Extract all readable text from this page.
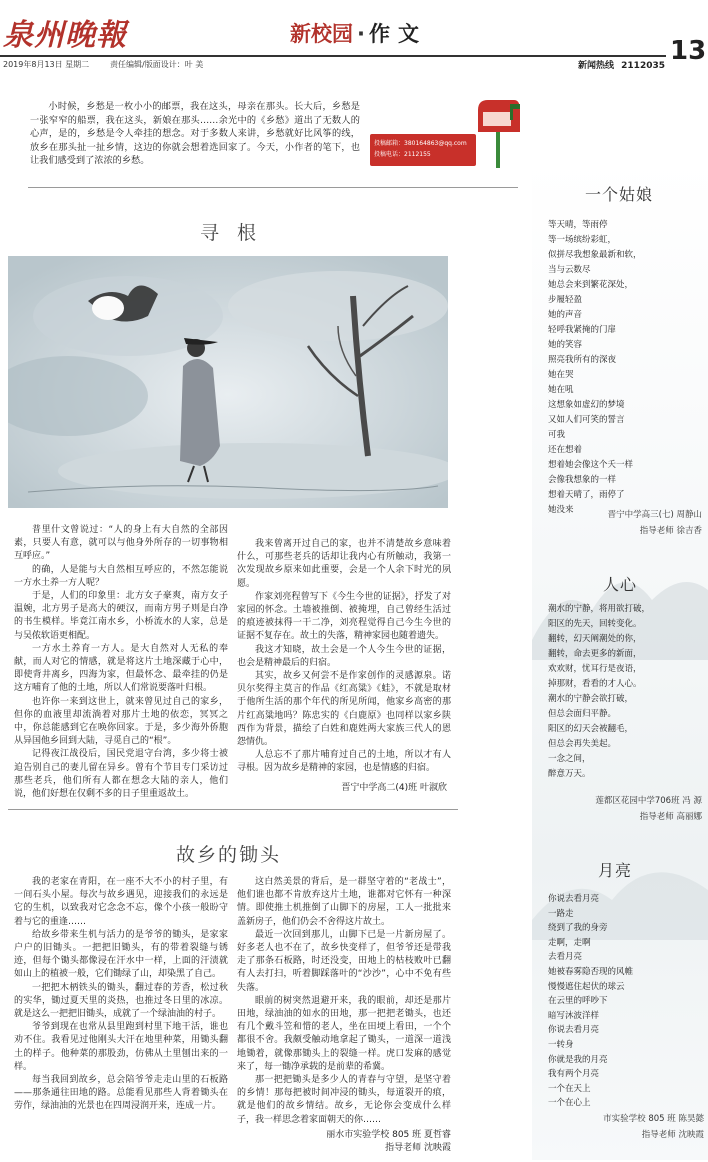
泉州晚報	新校园 · 作文
13
2019年8月13日 星期二	责任编辑/版面设计：叶 美	新闻热线 2112035

小时候，乡愁是一枚小小的邮票，我在这头，母亲在那头。长大后，乡愁是一张窄窄的船票，我在这头，新娘在那头……余光中的《乡愁》道出了无数人的心声，是的，乡愁是令人牵挂的想念。对于多数人来讲，乡愁就好比风筝的线，放乡在那头扯一扯乡情，这边的你就会想着选回家了。今天，小作者的笔下，也让我们感受到了浓浓的乡愁。

投稿邮箱：380164863@qq.com
投稿电话：2112155
寻 根

普里什文曾说过：“人的身上有大自然的全部因素，只要人有意，就可以与他身外所存的一切事物相互呼应。”

的确，人是能与大自然相互呼应的，不然怎能说一方水土养一方人呢？

于是，人们的印象里：北方女子豪爽，南方女子温婉，北方男子是高大的硬汉，而南方男子则是白净的书生模样。毕竟江南水乡，小桥流水的人家，总是与吴侬软语更相配。

一方水土养育一方人。是大自然对人无私的奉献，而人对它的情感，就是将这片土地深藏于心中，即使背井离乡，四海为家，但最怀念、最牵挂的仍是这方哺育了他的土地，所以人们常说要落叶归根。

也许你一来到这世上，就来曾见过自己的家乡，但你的血液里却流淌着对那片土地的依恋，冥冥之中，你总能感到它在唤你回家。于是，多少海外侨胞从异国他乡回到大陆，寻觅自己的“根”。

记得夜江战役后，国民党退守台湾，多少将士被迫告别自己的妻儿留在异乡。曾有个节目专门采访过那些老兵，他们所有人都在想念大陆的亲人，他们说，他们好想在仅剩不多的日子里重返故土。

我来曾离开过自己的家，也并不清楚故乡意味着什么，可那些老兵的话却让我内心有所触动，我第一次发现故乡原来如此重要，会是一个人余下时光的夙愿。

作家刘亮程曾写下《今生今世的证据》，抒发了对家园的怀念。土墙被推倒、被掩埋，自己曾经生活过的痕迹被抹得一干二净，刘亮程觉得自己今生今世的证据不复存在。故土的失落，精神家园也随着遗失。

我这才知晓，故土会是一个人今生今世的证据，也会是精神最后的归宿。

其实，故乡又何尝不是作家创作的灵感源泉。诺贝尔奖得主莫言的作品《红高粱》《蛙》，不就是取材于他所生活的那个年代的所见所闻，他家乡高密的那片红高粱地吗？陈忠实的《白鹿原》也同样以家乡陕西作为背景，描绘了白姓和鹿姓两大家族三代人的恩怨情仇。

人总忘不了那片哺育过自己的土地，所以才有人寻根。因为故乡是精神的家园，也是情感的归宿。

晋宁中学高二(4)班 叶淑欣
故乡的锄头

我的老家在青阳，在一座不大不小的村子里，有一间石头小屋。每次与故乡遇见，迎接我们的永远是它的生机，以致我对它念念不忘，像个小孩一般盼守着与它的重逢……

给故乡带来生机与活力的是爷爷的锄头，是家家户户的旧锄头。一把把旧锄头，有的带着裂缝与锈迹，但每个锄头都像浸在汗水中一样，上面的汗渍就如山上的植被一般，它们锄绿了山，却染黑了自己。

一把把木柄铁头的锄头，翻过春的芳香，松过秋的实华，锄过夏天里的炎热，也推过冬日里的冰凉。就是这么一把把旧锄头，成就了一个绿油油的村子。

爷爷到现在也常从县里跑到村里下地干活，谁也劝不住。我看见过他刚头大汗在地里种菜，用锄头翻土的样子。他种菜的那股劲，仿佛从土里刨出来的一样。

每当我回到故乡，总会陪爷爷走走山里的石板路——那条通往田地的路。总能看见那些人背着锄头在劳作，绿油油的光景也在四周浸润开来，连成一片。

这白然美景的背后，是一群坚守着的“老战士”，他们谁也都不肯放弃这片土地，谁都对它怀有一种深情。即使推土机推倒了山脚下的房屋，工人一批批来盖新房子，他们仍会不舍得这片故土。

最近一次回到那儿，山脚下已是一片新房屋了。好多老人也不在了，故乡快变样了，但爷爷还是带我走了那条石板路，时还没变，田地上的枯枝败叶已翻有人去打扫，听着脚踩落叶的“沙沙”，心中不免有些失落。

眼前的树突然退避开来，我的眼前，却还是那片田地，绿油油的如水的田地，那一把把老锄头，也还有几个戴斗笠和惜的老人，坐在田埂上看田，一个个都很不舍。我颇受触动地拿起了锄头，一道深一道浅地锄着，就像那锄头上的裂缝一样。虎口发麻的感觉来了，每一锄净承载的是前辈的希冀。

那一把把锄头是多少人的青春与守望，是坚守着的乡情！那每把被时间冲浸的锄头，每道裂开的痕，就是他们的故乡情结。故乡，无论你会变成什么样子，我一样思念着家面朝天的你……

丽水市实验学校 805 班 夏哲睿
指导老师 沈映霞
一个姑娘
等天晴，等雨停
等一场缤纷彩虹，
似拼尽我想象最新和软，
当与云数尽
她总会来到繁花深处，
步履轻盈
她的声音
轻呼我紧掩的门扉
她的笑容
照亮我所有的深夜
她在哭
她在吼
这想象如虚幻的梦境
又如人们可笑的誓言
可我
还在想着
想着她会像这个夭一样
会像我想象的一样
想着天晴了，雨停了
她没来	晋宁中学高三(七) 周静山
指导老师 徐吉香
人心
潮水的宁静，将用欲打破，
阳区的先天，回转变化。
翻转，幻天阐潮处的你，
翻转，命去更多的新面，
欢欢财，忧耳行是夜语，
掉那财，看看的才人心。
潮水的宁静会欲打破，
但总会面归平静。
阳区的幻天会被翻毛，
但总会再失美起。
一念之间，
醉意万天。
莲都区花园中学706班 冯 源
指导老师 高丽娜
月亮
你说去看月亮
一路走
绕到了我的身旁
走啊，走啊
去看月亮
她被春雾隐否现的风帷
慢慢遮住起伏的球云
在云里的呼吵下
暗写沐波洋样
你说去看月亮
一转身
你就是我的月亮
我有两个月亮
一个在天上
一个在心上
市实验学校 805 班 陈昊懿
指导老师 沈映霞
